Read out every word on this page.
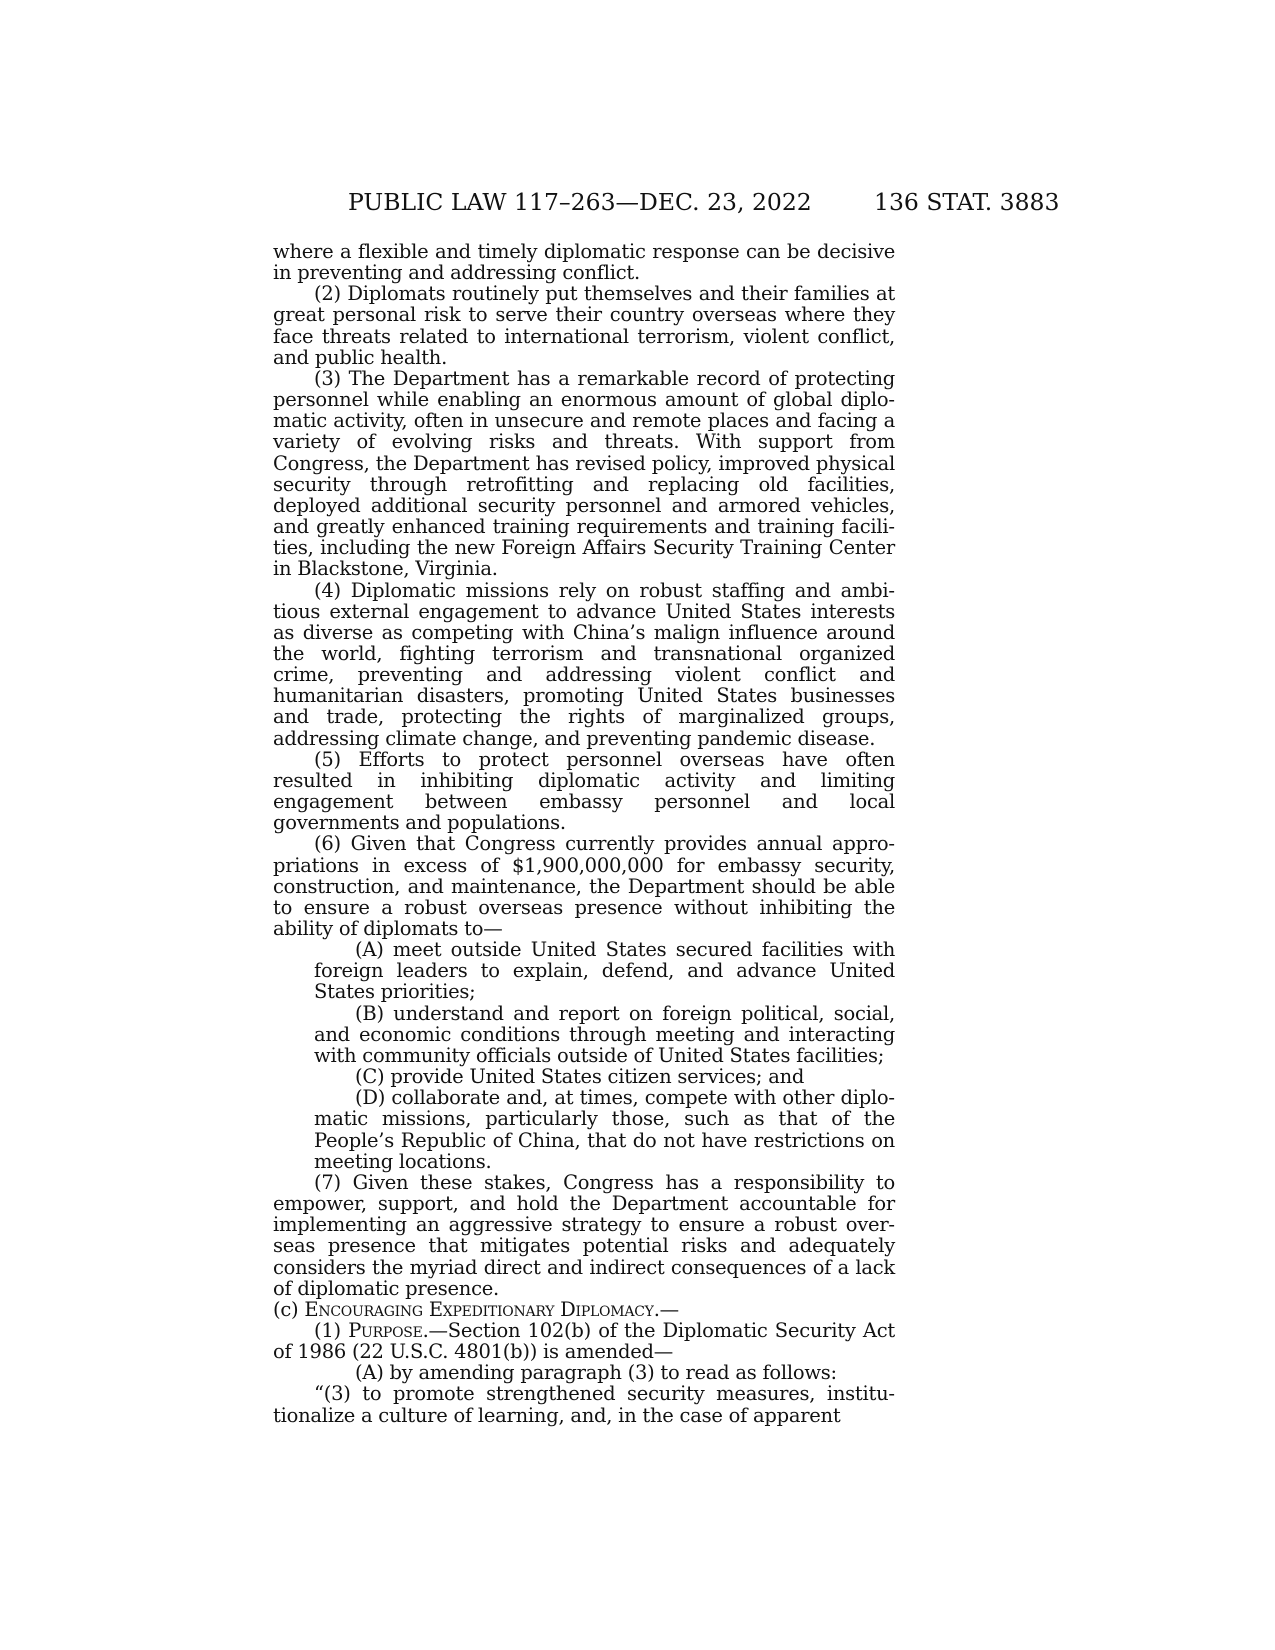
PUBLIC LAW 117–263—DEC. 23, 2022	136 STAT. 3883

where a flexible and timely diplomatic response can be decisive in preventing and addressing conflict.

(2) Diplomats routinely put themselves and their families at great personal risk to serve their country overseas where they face threats related to international terrorism, violent conflict, and public health.

(3) The Department has a remarkable record of protecting personnel while enabling an enormous amount of global diplomatic activity, often in unsecure and remote places and facing a variety of evolving risks and threats. With support from Congress, the Department has revised policy, improved physical security through retrofitting and replacing old facilities, deployed additional security personnel and armored vehicles, and greatly enhanced training requirements and training facilities, including the new Foreign Affairs Security Training Center in Blackstone, Virginia.

(4) Diplomatic missions rely on robust staffing and ambitious external engagement to advance United States interests as diverse as competing with China’s malign influence around the world, fighting terrorism and transnational organized crime, preventing and addressing violent conflict and humanitarian disasters, promoting United States businesses and trade, protecting the rights of marginalized groups, addressing climate change, and preventing pandemic disease.

(5) Efforts to protect personnel overseas have often resulted in inhibiting diplomatic activity and limiting engagement between embassy personnel and local governments and populations.

(6) Given that Congress currently provides annual appropriations in excess of $1,900,000,000 for embassy security, construction, and maintenance, the Department should be able to ensure a robust overseas presence without inhibiting the ability of diplomats to—

(A) meet outside United States secured facilities with foreign leaders to explain, defend, and advance United States priorities;

(B) understand and report on foreign political, social, and economic conditions through meeting and interacting with community officials outside of United States facilities;

(C) provide United States citizen services; and

(D) collaborate and, at times, compete with other diplomatic missions, particularly those, such as that of the People’s Republic of China, that do not have restrictions on meeting locations.

(7) Given these stakes, Congress has a responsibility to empower, support, and hold the Department accountable for implementing an aggressive strategy to ensure a robust overseas presence that mitigates potential risks and adequately considers the myriad direct and indirect consequences of a lack of diplomatic presence.

(c) Encouraging Expeditionary Diplomacy.—

(1) Purpose.—Section 102(b) of the Diplomatic Security Act of 1986 (22 U.S.C. 4801(b)) is amended—

(A) by amending paragraph (3) to read as follows:

“(3) to promote strengthened security measures, institutionalize a culture of learning, and, in the case of apparent
